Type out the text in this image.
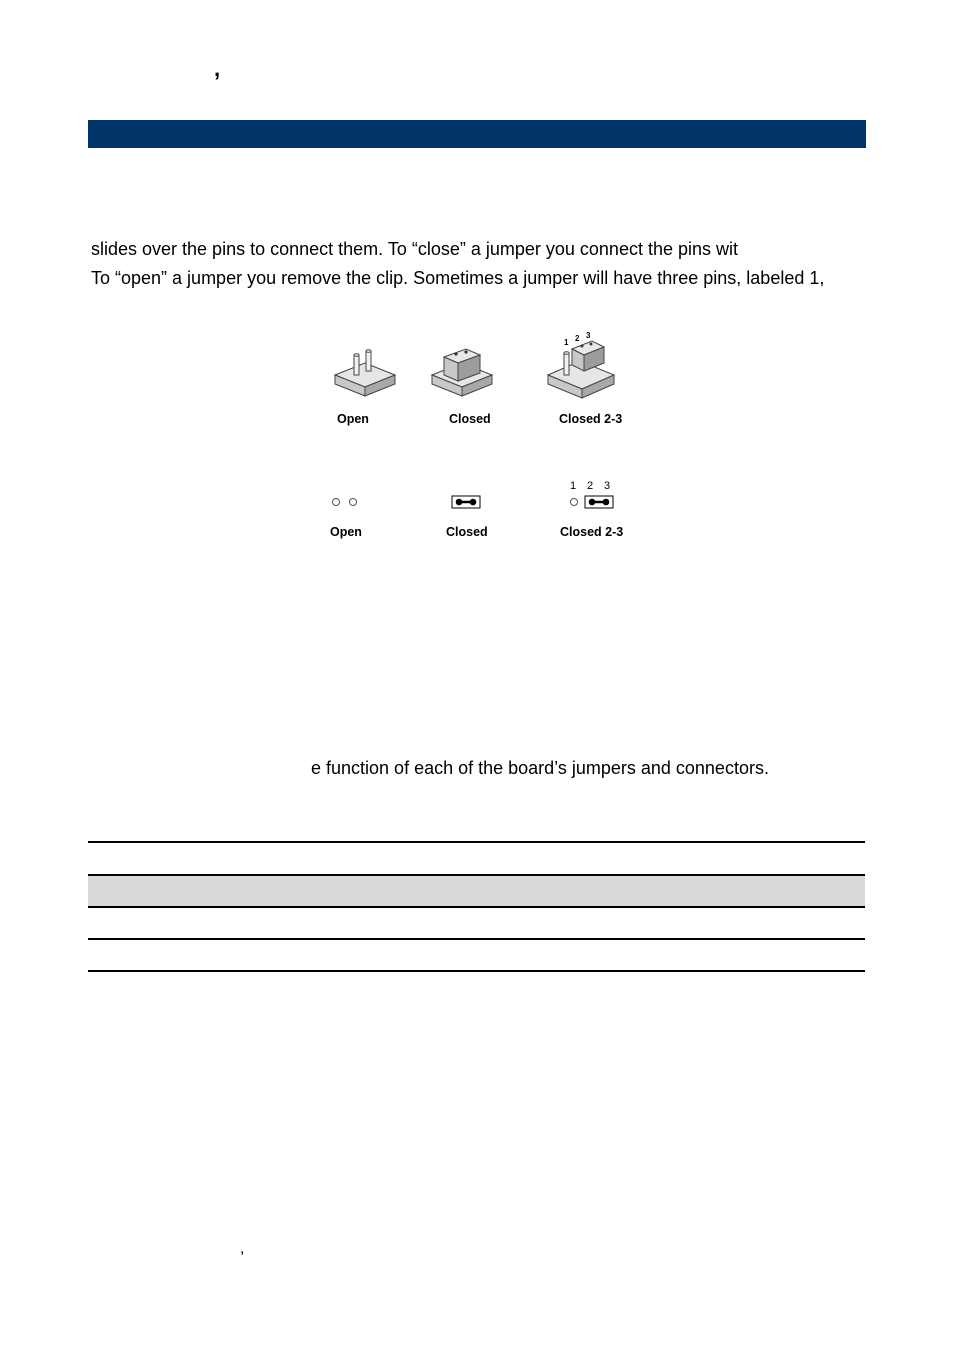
,
slides over the pins to connect them. To “close” a jumper you connect the pins wit
To “open” a jumper you remove the clip. Sometimes a jumper will have three pins, labeled 1,
1 2 3
Open	Closed	Closed 2-3
1 2 3
Open	Closed	Closed 2-3
e function of each of the board’s jumpers and connectors.
,
